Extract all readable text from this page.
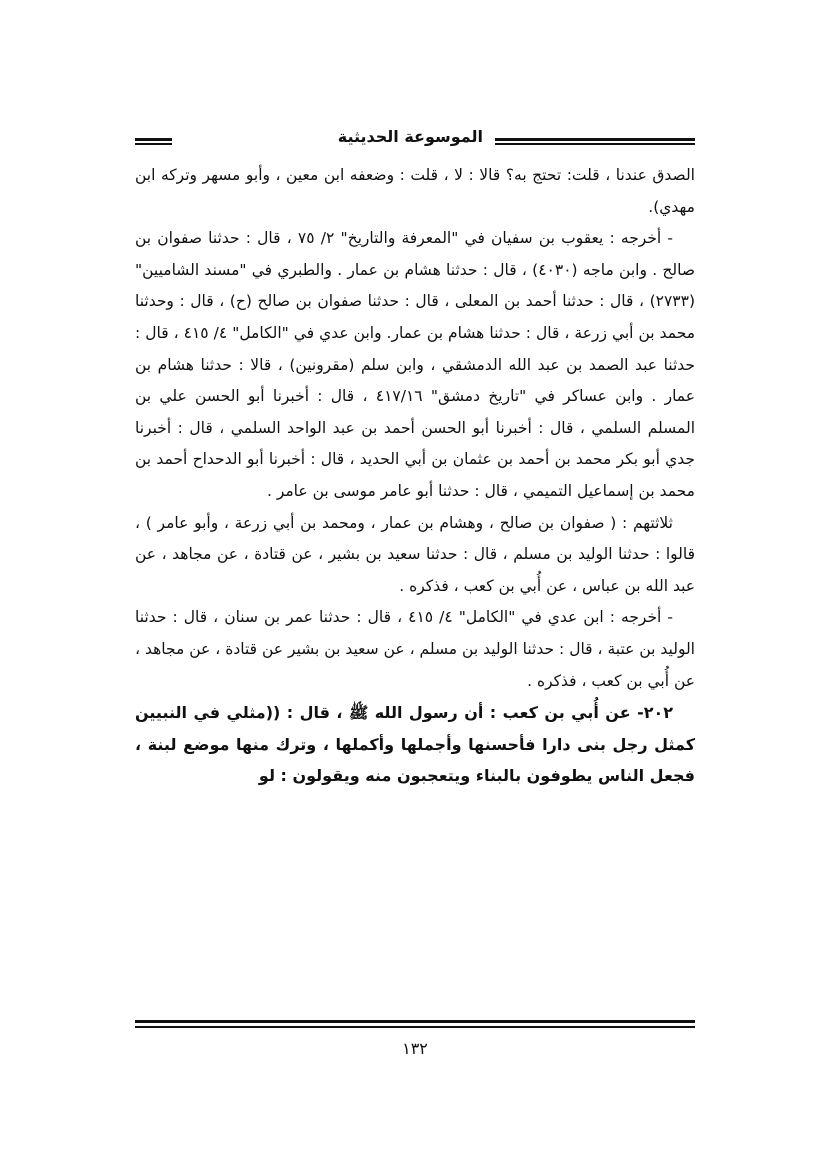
الموسوعة الحديثية

الصدق عندنا ، قلت: تحتج به؟ قالا : لا ، قلت : وضعفه ابن معين ، وأبو مسهر وتركه ابن مهدي).

- أخرجه : يعقوب بن سفيان في "المعرفة والتاريخ" ٢/ ٧٥ ، قال : حدثنا صفوان بن صالح . وابن ماجه (٤٠٣٠) ، قال : حدثنا هشام بن عمار . والطبري في "مسند الشاميين" (٢٧٣٣) ، قال : حدثنا أحمد بن المعلى ، قال : حدثنا صفوان بن صالح (ح) ، قال : وحدثنا محمد بن أبي زرعة ، قال : حدثنا هشام بن عمار. وابن عدي في "الكامل" ٤/ ٤١٥ ، قال : حدثنا عبد الصمد بن عبد الله الدمشقي ، وابن سلم (مقرونين) ، قالا : حدثنا هشام بن عمار . وابن عساكر في "تاريخ دمشق" ٤١٧/١٦ ، قال : أخبرنا أبو الحسن علي بن المسلم السلمي ، قال : أخبرنا أبو الحسن أحمد بن عبد الواحد السلمي ، قال : أخبرنا جدي أبو بكر محمد بن أحمد بن عثمان بن أبي الحديد ، قال : أخبرنا أبو الدحداح أحمد بن محمد بن إسماعيل التميمي ، قال : حدثنا أبو عامر موسى بن عامر .

ثلاثتهم : ( صفوان بن صالح ، وهشام بن عمار ، ومحمد بن أبي زرعة ، وأبو عامر ) ، قالوا : حدثنا الوليد بن مسلم ، قال : حدثنا سعيد بن بشير ، عن قتادة ، عن مجاهد ، عن عبد الله بن عباس ، عن أُبي بن كعب ، فذكره .

- أخرجه : ابن عدي في "الكامل" ٤/ ٤١٥ ، قال : حدثنا عمر بن سنان ، قال : حدثنا الوليد بن عتبة ، قال : حدثنا الوليد بن مسلم ، عن سعيد بن بشير عن قتادة ، عن مجاهد ، عن أُبي بن كعب ، فذكره .

٢٠٢- عن أُبي بن كعب : أن رسول الله ﷺ ، قال : ((مثلي في النبيين كمثل رجل بنى دارا فأحسنها وأجملها وأكملها ، وترك منها موضع لبنة ، فجعل الناس يطوفون بالبناء ويتعجبون منه ويقولون : لو

١٣٢
